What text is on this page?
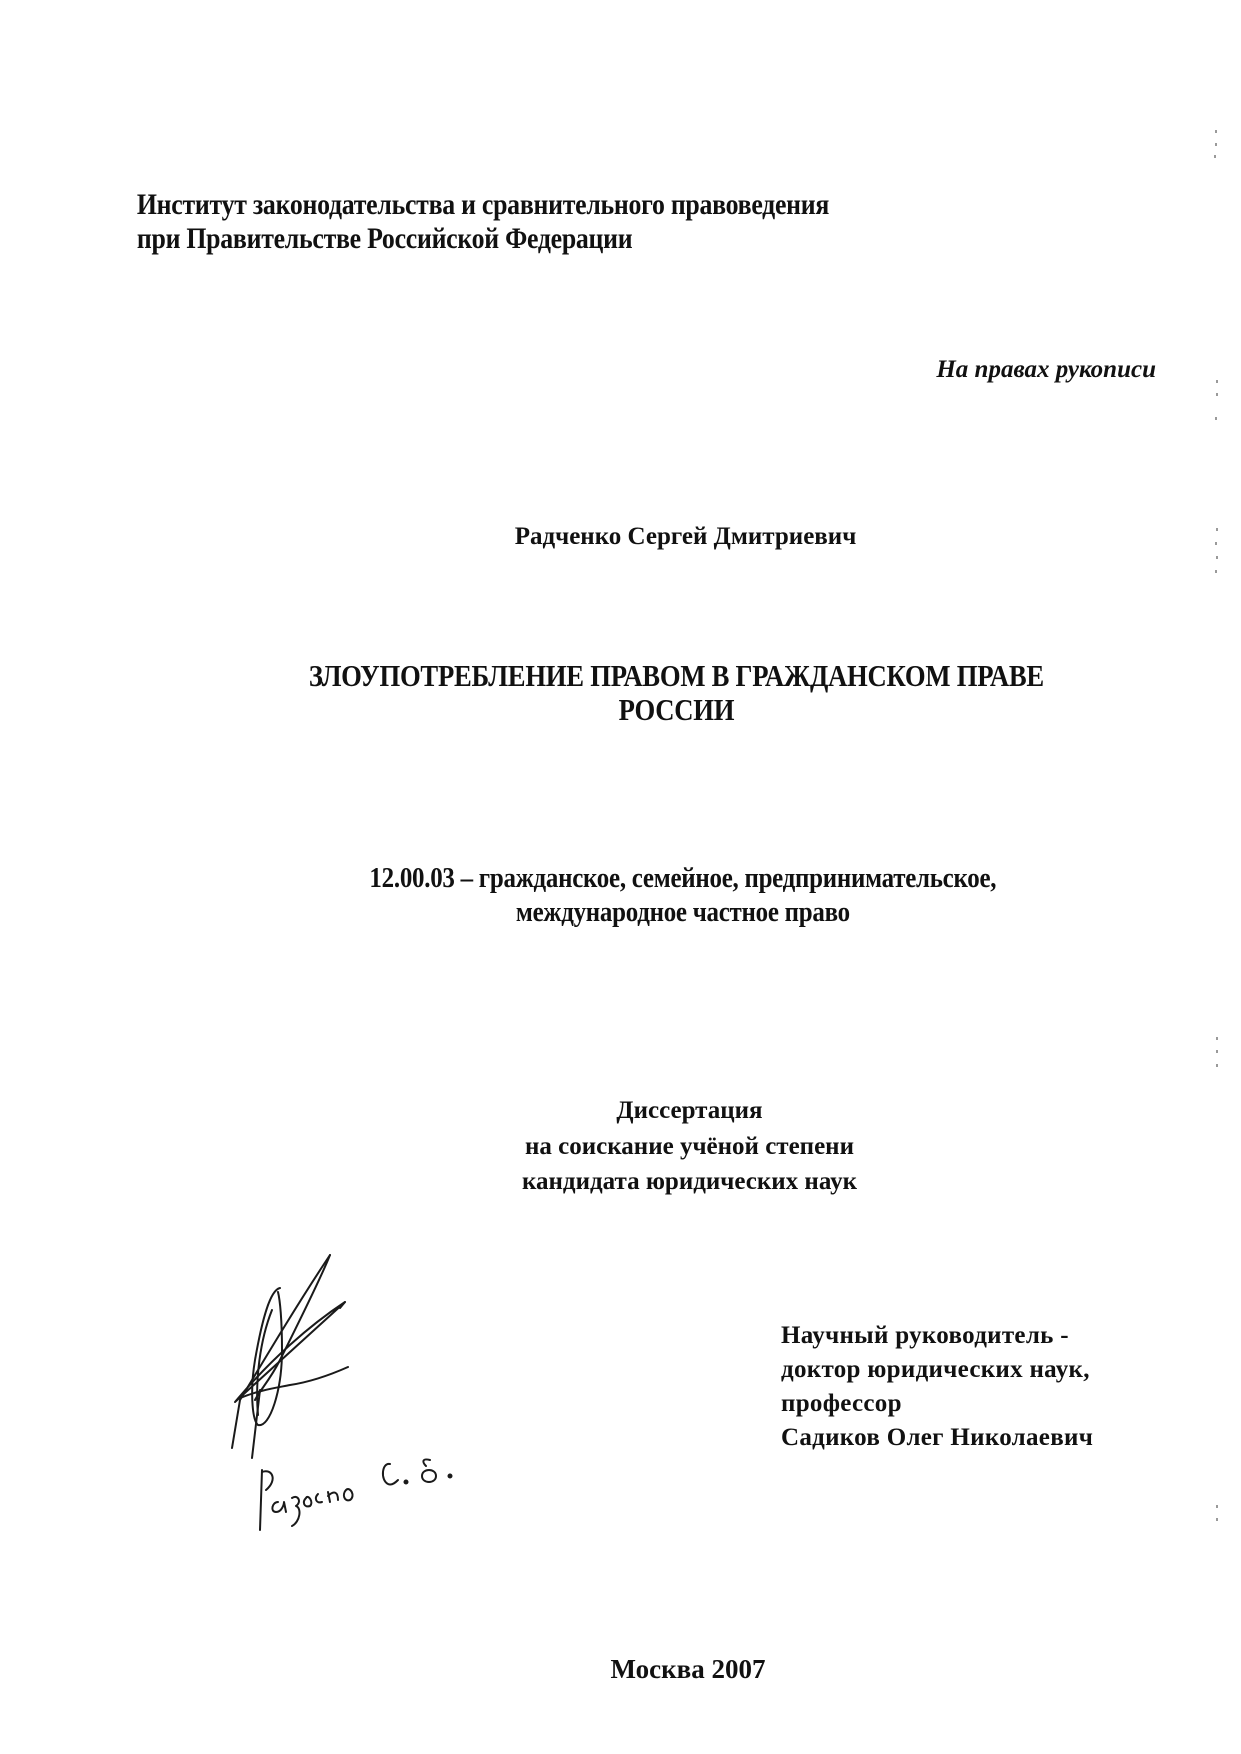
Институт законодательства и сравнительного правоведения
при Правительстве Российской Федерации
На правах рукописи
Радченко Сергей Дмитриевич
ЗЛОУПОТРЕБЛЕНИЕ ПРАВОМ В ГРАЖДАНСКОМ ПРАВЕ
РОССИИ
12.00.03 – гражданское, семейное, предпринимательское,
международное частное право
Диссертация
на соискание учёной степени
кандидата юридических наук
Научный руководитель -
доктор юридических наук,
профессор
Садиков Олег Николаевич
Москва 2007
